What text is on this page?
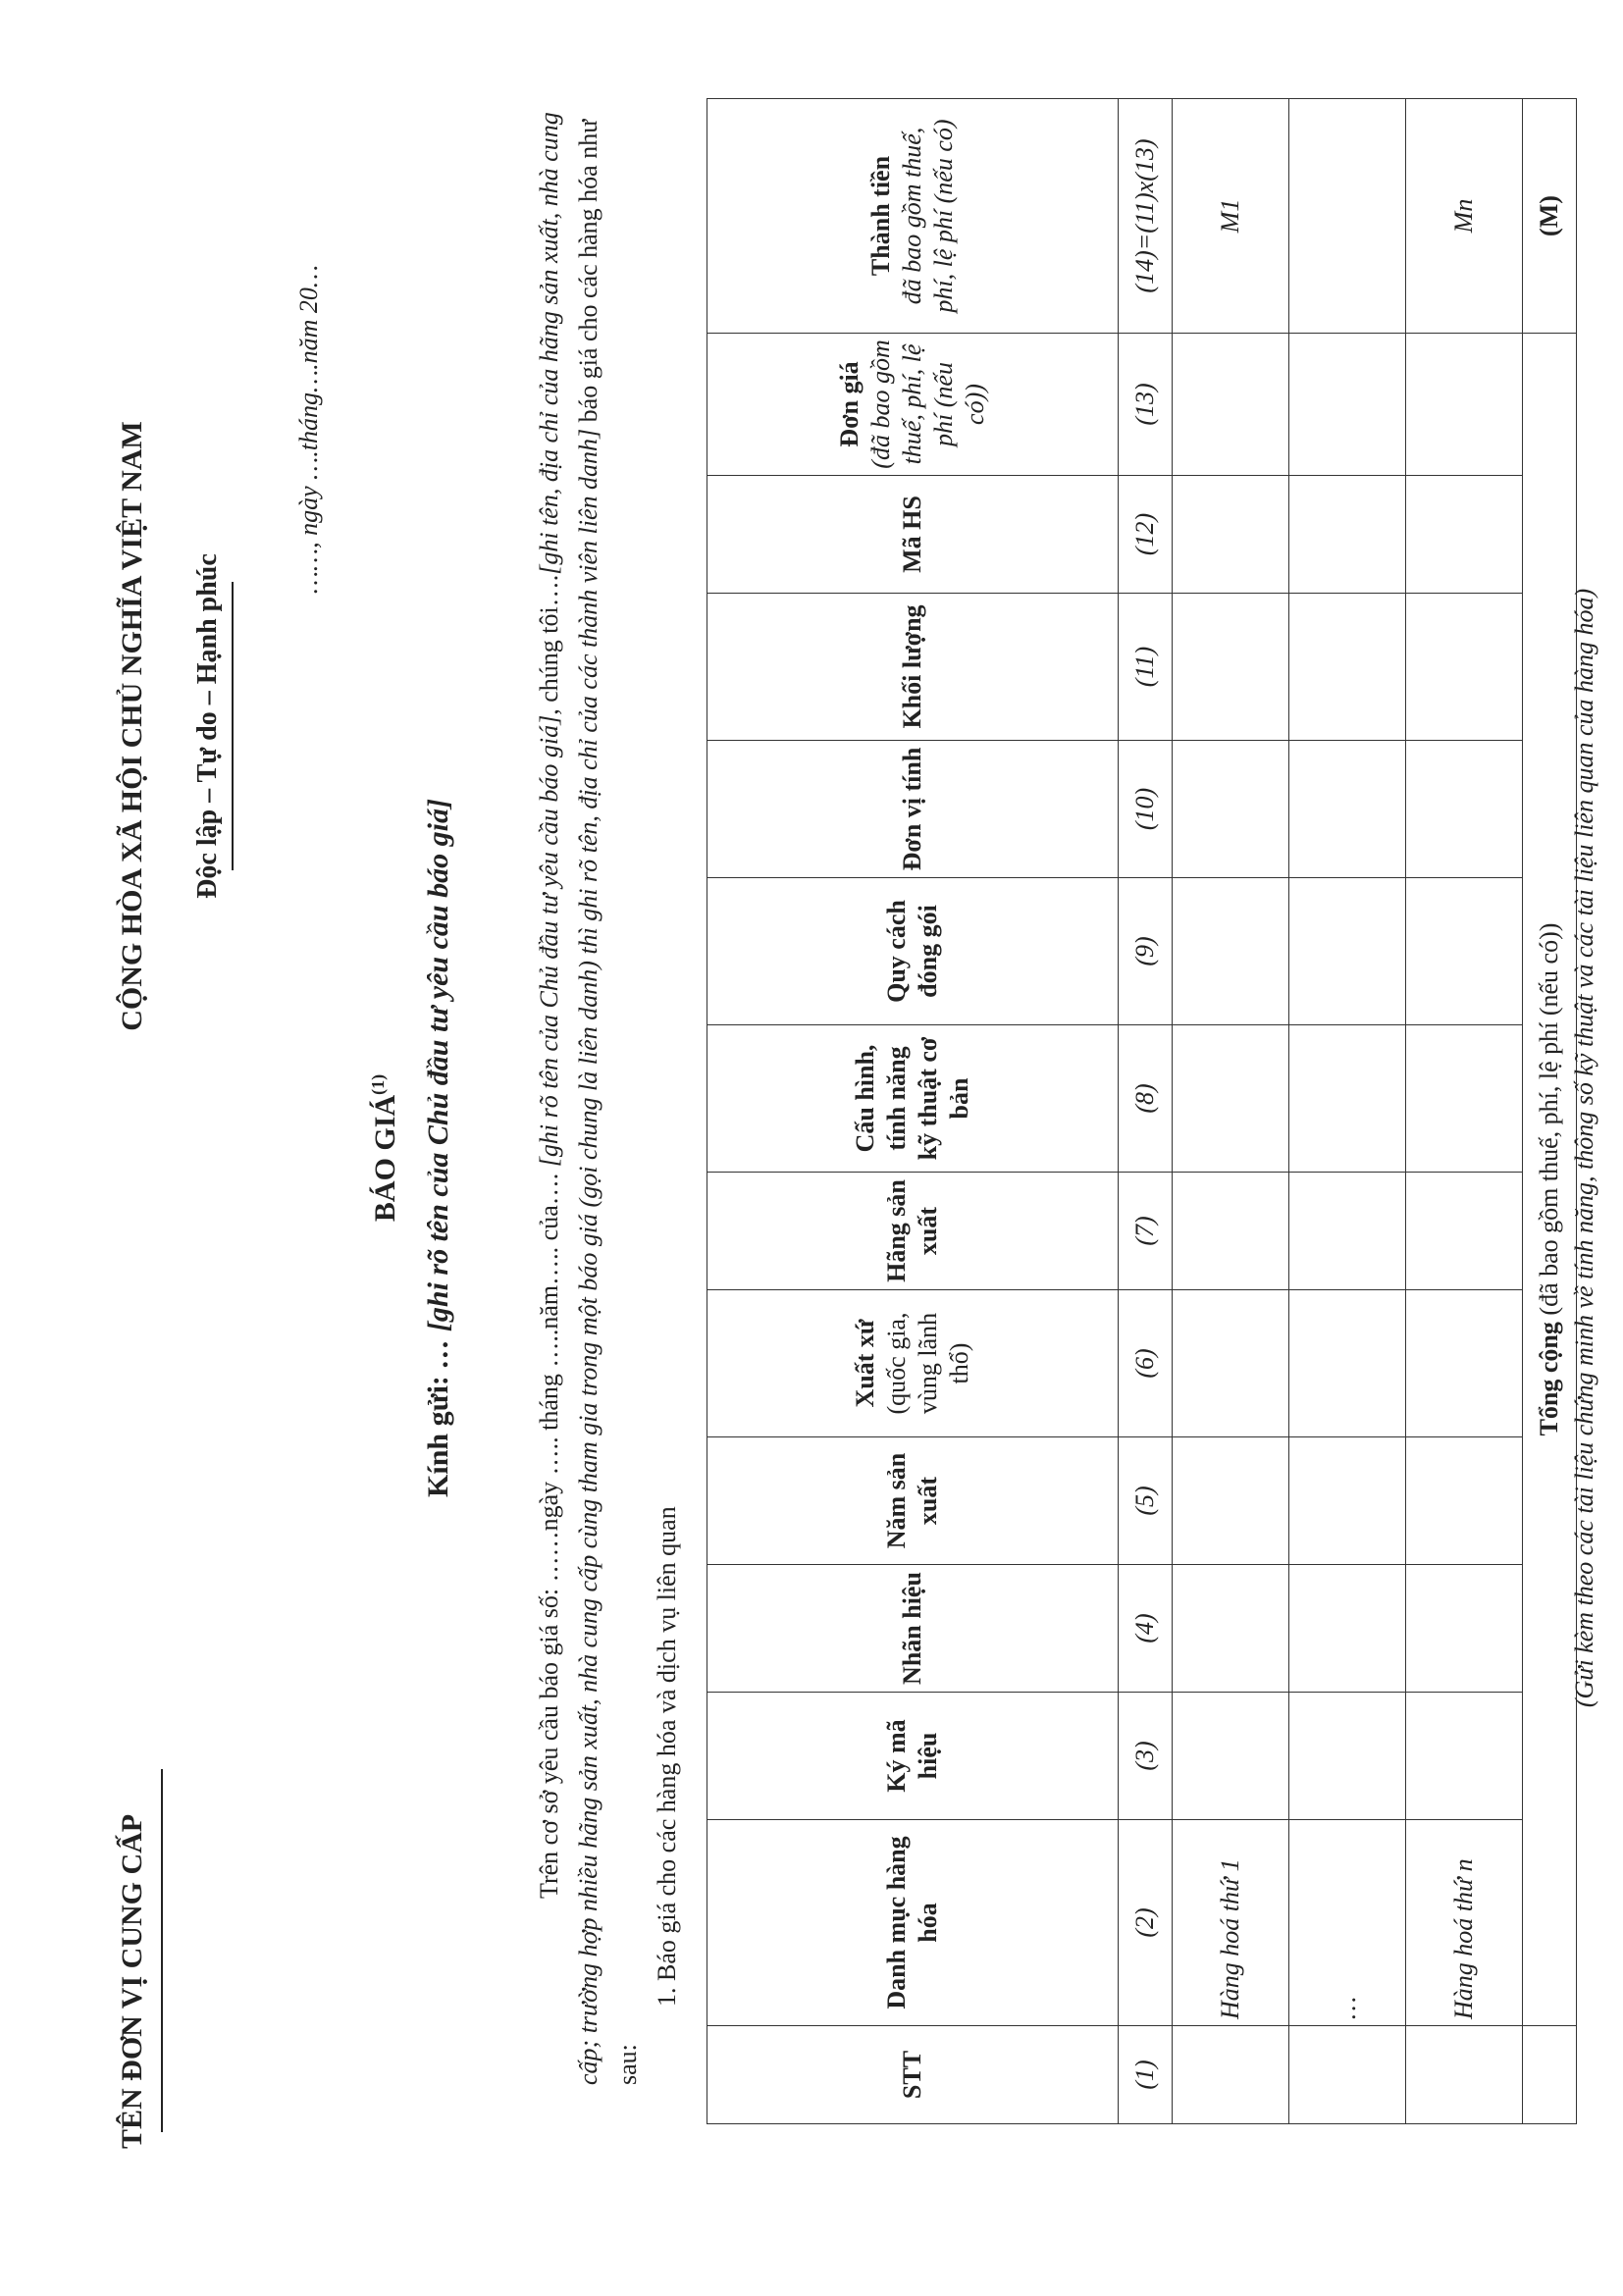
TÊN ĐƠN VỊ CUNG CẤP
CỘNG HÒA XÃ HỘI CHỦ NGHĨA VIỆT NAM Độc lập – Tự do – Hạnh phúc
……, ngày ….tháng….năm 20…
BÁO GIÁ$^{(1)}$
Kính gửi: … [ghi rõ tên của Chủ đầu tư yêu cầu báo giá]
Trên cơ sở yêu cầu báo giá số: ……ngày ….. tháng …..năm….. của…. [ghi rõ tên của Chủ đầu tư yêu cầu báo giá], chúng tôi….[ghi tên, địa chỉ của hãng sản xuất, nhà cung cấp; trường hợp nhiều hãng sản xuất, nhà cung cấp cùng tham gia trong một báo giá (gọi chung là liên danh) thì ghi rõ tên, địa chỉ của các thành viên liên danh] báo giá cho các hàng hóa như sau:
1. Báo giá cho các hàng hóa và dịch vụ liên quan
STT	Danh mục hàng hóa	Ký mã hiệu	Nhãn hiệu	Năm sản xuất	Xuất xứ (quốc gia, vùng lãnh thổ)	Hãng sản xuất	Cấu hình, tính năng kỹ thuật cơ bản	Quy cách đóng gói	Đơn vị tính	Khối lượng	Mã HS	Đơn giá (đã bao gồm thuế, phí, lệ phí (nếu có))	Thành tiền đã bao gồm thuế, phí, lệ phí (nếu có)

(1)	(2)	(3)	(4)	(5)	(6)	(7)	(8)	(9)	(10)	(11)	(12)	(13)	(14)=(11)x(13)
	Hàng hoá thứ 1												M1
	…												
	Hàng hoá thứ n												Mn
	Tổng cộng (đã bao gồm thuế, phí, lệ phí (nếu có))												(M)
(Gửi kèm theo các tài liệu chứng minh về tính năng, thông số kỹ thuật và các tài liệu liên quan của hàng hóa)
